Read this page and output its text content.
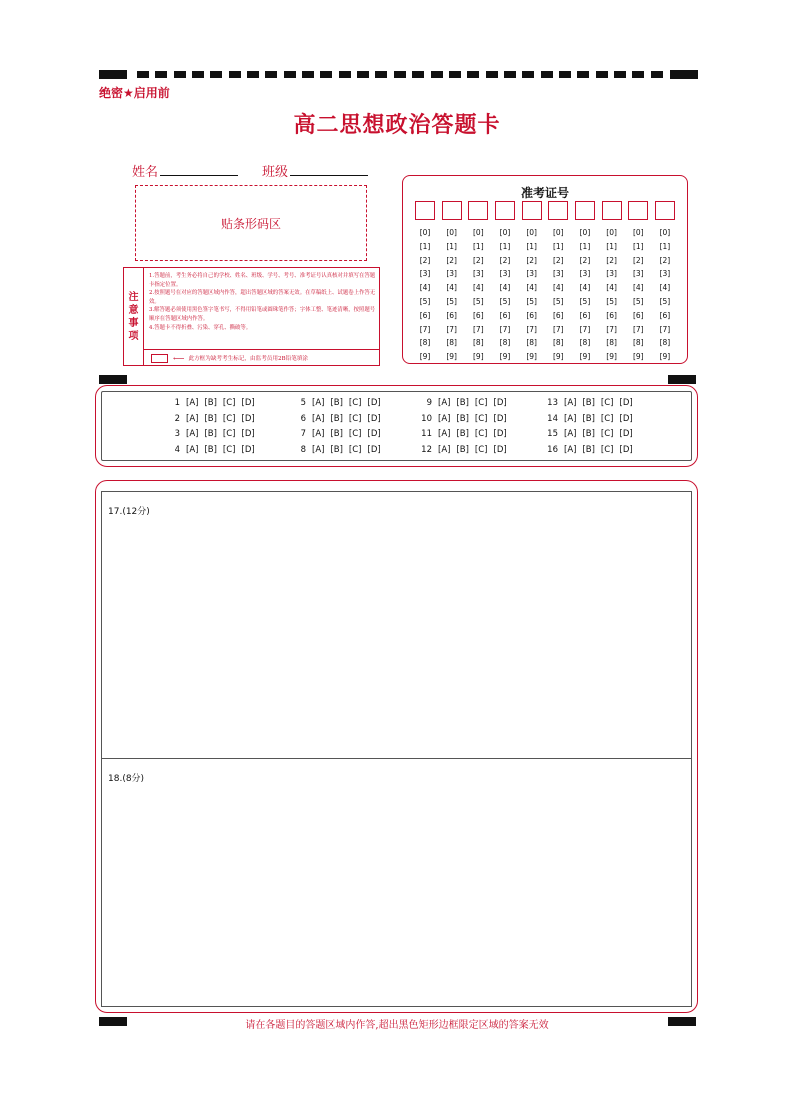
绝密★启用前
高二思想政治答题卡
姓名	班级
贴条形码区
注
意
事
项
1.答题前，考生务必将自己的学校、姓名、班级、学号、考号、准考证号认真核对并填写在答题卡指定位置。
2.按照题号在对应的答题区域内作答，超出答题区域的答案无效。在草稿纸上、试题卷上作答无效。
3.解答题必须使用黑色签字笔书写，不得用铅笔或圆珠笔作答；字体工整、笔迹清晰，按照题号顺序在答题区域内作答。
4.答题卡不得折叠、污染、穿孔、撕破等。
⟵ 此方框为缺考考生标记，由监考员用2B铅笔填涂
准考证号
[0]
[1]
[2]
[3]
[4]
[5]
[6]
[7]
[8]
[9]
[0]
[1]
[2]
[3]
[4]
[5]
[6]
[7]
[8]
[9]
[0]
[1]
[2]
[3]
[4]
[5]
[6]
[7]
[8]
[9]
[0]
[1]
[2]
[3]
[4]
[5]
[6]
[7]
[8]
[9]
[0]
[1]
[2]
[3]
[4]
[5]
[6]
[7]
[8]
[9]
[0]
[1]
[2]
[3]
[4]
[5]
[6]
[7]
[8]
[9]
[0]
[1]
[2]
[3]
[4]
[5]
[6]
[7]
[8]
[9]
[0]
[1]
[2]
[3]
[4]
[5]
[6]
[7]
[8]
[9]
[0]
[1]
[2]
[3]
[4]
[5]
[6]
[7]
[8]
[9]
[0]
[1]
[2]
[3]
[4]
[5]
[6]
[7]
[8]
[9]
1 [A] [B] [C] [D]
2 [A] [B] [C] [D]
3 [A] [B] [C] [D]
4 [A] [B] [C] [D]
5 [A] [B] [C] [D]
6 [A] [B] [C] [D]
7 [A] [B] [C] [D]
8 [A] [B] [C] [D]
9 [A] [B] [C] [D]
10 [A] [B] [C] [D]
11 [A] [B] [C] [D]
12 [A] [B] [C] [D]
13 [A] [B] [C] [D]
14 [A] [B] [C] [D]
15 [A] [B] [C] [D]
16 [A] [B] [C] [D]
17.(12分)
18.(8分)
请在各题目的答题区域内作答,超出黑色矩形边框限定区域的答案无效
